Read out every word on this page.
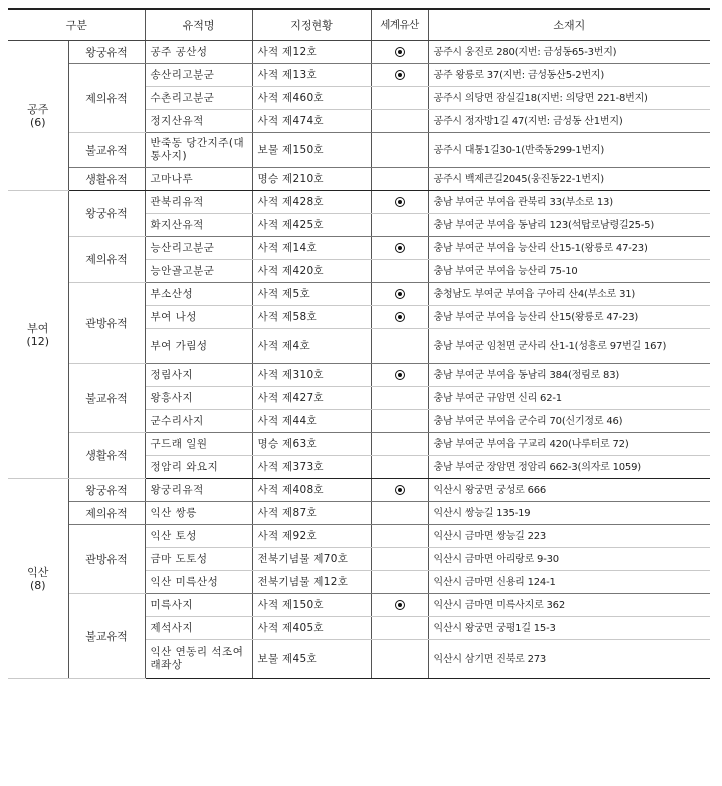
구분		유적명	지정현황	세계유산	소재지

공주
(6)	왕궁유적	공주 공산성	사적 제12호		공주시 웅진로 280(지번: 금성동65-3번지)
	제의유적	송산리고분군	사적 제13호		공주 왕릉로 37(지번: 금성동산5-2번지)
		수촌리고분군	사적 제460호		공주시 의당면 잠실길18(지번: 의당면 221-8번지)
		정지산유적	사적 제474호		공주시 정자방1길 47(지번: 금성동 산1번지)
	불교유적	반죽동 당간지주(대통사지)	보물 제150호		공주시 대통1길30-1(반죽동299-1번지)
	생활유적	고마나루	명승 제210호		공주시 백제큰길2045(웅진동22-1번지)

부여
(12)	왕궁유적	관북리유적	사적 제428호		충남 부여군 부여읍 관북리 33(부소로 13)
		화지산유적	사적 제425호		충남 부여군 부여읍 동남리 123(석탑로남령길25-5)
	제의유적	능산리고분군	사적 제14호		충남 부여군 부여읍 능산리 산15-1(왕릉로 47-23)
		능안골고분군	사적 제420호		충남 부여군 부여읍 능산리 75-10
	관방유적	부소산성	사적 제5호		충청남도 부여군 부여읍 구아리 산4(부소로 31)
		부여 나성	사적 제58호		충남 부여군 부여읍 능산리 산15(왕릉로 47-23)
		부여 가림성	사적 제4호		충남 부여군 임천면 군사리 산1-1(성흥로 97번길 167)
	불교유적	정림사지	사적 제310호		충남 부여군 부여읍 동남리 384(정림로 83)
		왕흥사지	사적 제427호		충남 부여군 규암면 신리 62-1
		군수리사지	사적 제44호		충남 부여군 부여읍 군수리 70(신기정로 46)
	생활유적	구드래 일원	명승 제63호		충남 부여군 부여읍 구교리 420(나루터로 72)
		정암리 와요지	사적 제373호		충남 부여군 장암면 정암리 662-3(의자로 1059)

익산
(8)	왕궁유적	왕궁리유적	사적 제408호		익산시 왕궁면 궁성로 666
	제의유적	익산 쌍릉	사적 제87호		익산시 쌍능길 135-19
	관방유적	익산 토성	사적 제92호		익산시 금마면 쌍능길 223
		금마 도토성	전북기념물 제70호		익산시 금마면 아리랑로 9-30
		익산 미륵산성	전북기념물 제12호		익산시 금마면 신용리 124-1
	불교유적	미륵사지	사적 제150호		익산시 금마면 미륵사지로 362
		제석사지	사적 제405호		익산시 왕궁면 궁평1길 15-3
		익산 연동리 석조여래좌상	보물 제45호		익산시 삼기면 진북로 273
